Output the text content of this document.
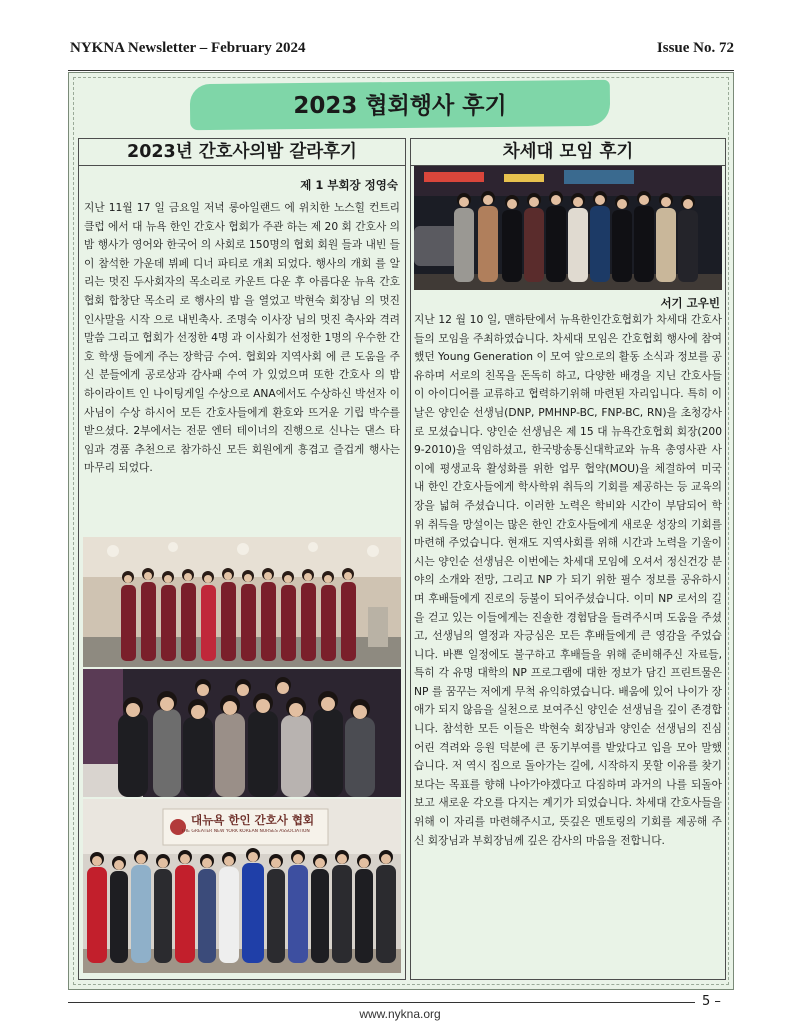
NYKNA Newsletter – February 2024	Issue No. 72
2023 협회행사 후기
2023년 간호사의밤 갈라후기
제 1 부회장 정영숙
지난 11월 17 일 금요일 저녁 롱아일랜드 에 위치한 노스힐 컨트리 클럽 에서 대 뉴욕 한인 간호사 협회가 주관 하는 제 20 회 간호사 의 밤 행사가 영어와 한국어 의 사회로 150명의 협회 회원 들과 내빈 들이 참석한 가운데 뷔페 디너 파티로 개최 되었다. 행사의 개회 를 알리는 멋진 두사회자의 목소리로 카운트 다운 후 아름다운 뉴욕 간호협회 합창단 목소리 로 행사의 밤 을 열었고 박현숙 회장님 의 멋진 인사말을 시작 으로 내빈축사. 조명숙 이사장 님의 멋진 축사와 격려 말씀 그리고 협회가 선정한 4명 과 이사회가 선정한 1명의 우수한 간호 학생 들에게 주는 장학금 수여. 협회와 지역사회 에 큰 도움을 주신 분들에게 공로상과 감사패 수여 가 있었으며 또한 간호사 의 밤 하이라이트 인 나이팅게일 수상으로 ANA에서도 수상하신 박선자 이사님이 수상 하시어 모든 간호사들에게 환호와 뜨거운 기립 박수를 받으셨다. 2부에서는 전문 엔터 테이너의 진행으로 신나는 댄스 타임과 경품 추천으로 참가하신 모든 회원에게 흥겹고 즐겁게 행사는 마무리 되었다.
대뉴욕 한인 간호사 협회
THE GREATER NEW YORK KOREAN NURSES ASSOCIATION
차세대 모임 후기
서기 고우빈
지난 12 월 10 일, 맨하탄에서 뉴욕한인간호협회가 차세대 간호사들의 모임을 주최하였습니다. 차세대 모임은 간호협회 행사에 참여했던 Young Generation 이 모여 앞으로의 활동 소식과 정보를 공유하며 서로의 친목을 돈독히 하고, 다양한 배경을 지닌 간호사들이 아이디어를 교류하고 협력하기위해 마련된 자리입니다. 특히 이날은 양인순 선생님(DNP, PMHNP-BC, FNP-BC, RN)을 초청강사로 모셨습니다. 양인순 선생님은 제 15 대 뉴욕간호협회 회장(2009-2010)을 역임하셨고, 한국방송통신대학교와 뉴욕 총영사관 사이에 평생교육 활성화를 위한 업무 협약(MOU)을 체결하여 미국 내 한인 간호사들에게 학사학위 취득의 기회를 제공하는 등 교육의 장을 넓혀 주셨습니다. 이러한 노력은 학비와 시간이 부담되어 학위 취득을 망설이는 많은 한인 간호사들에게 새로운 성장의 기회를 마련해 주었습니다. 현재도 지역사회를 위해 시간과 노력을 기울이시는 양인순 선생님은 이번에는 차세대 모임에 오셔서 정신건강 분야의 소개와 전망, 그리고 NP 가 되기 위한 필수 정보를 공유하시며 후배들에게 진로의 등불이 되어주셨습니다. 이미 NP 로서의 길을 걷고 있는 이들에게는 진솔한 경험담을 들려주시며 도움을 주셨고, 선생님의 열정과 자긍심은 모든 후배들에게 큰 영감을 주었습니다. 바쁜 일정에도 불구하고 후배들을 위해 준비해주신 자료들, 특히 각 유명 대학의 NP 프로그램에 대한 정보가 담긴 프린트물은 NP 를 꿈꾸는 저에게 무척 유익하였습니다. 배움에 있어 나이가 장애가 되지 않음을 실천으로 보여주신 양인순 선생님을 깊이 존경합니다. 참석한 모든 이들은 박현숙 회장님과 양인순 선생님의 진심 어린 격려와 응원 덕분에 큰 동기부여를 받았다고 입을 모아 말했습니다. 저 역시 집으로 돌아가는 길에, 시작하지 못할 이유를 찾기보다는 목표를 향해 나아가야겠다고 다짐하며 과거의 나를 되돌아보고 새로운 각오를 다지는 계기가 되었습니다. 차세대 간호사들을 위해 이 자리를 마련해주시고, 뜻깊은 멘토링의 기회를 제공해 주신 회장님과 부회장님께 깊은 감사의 마음을 전합니다.
5 –
www.nykna.org
